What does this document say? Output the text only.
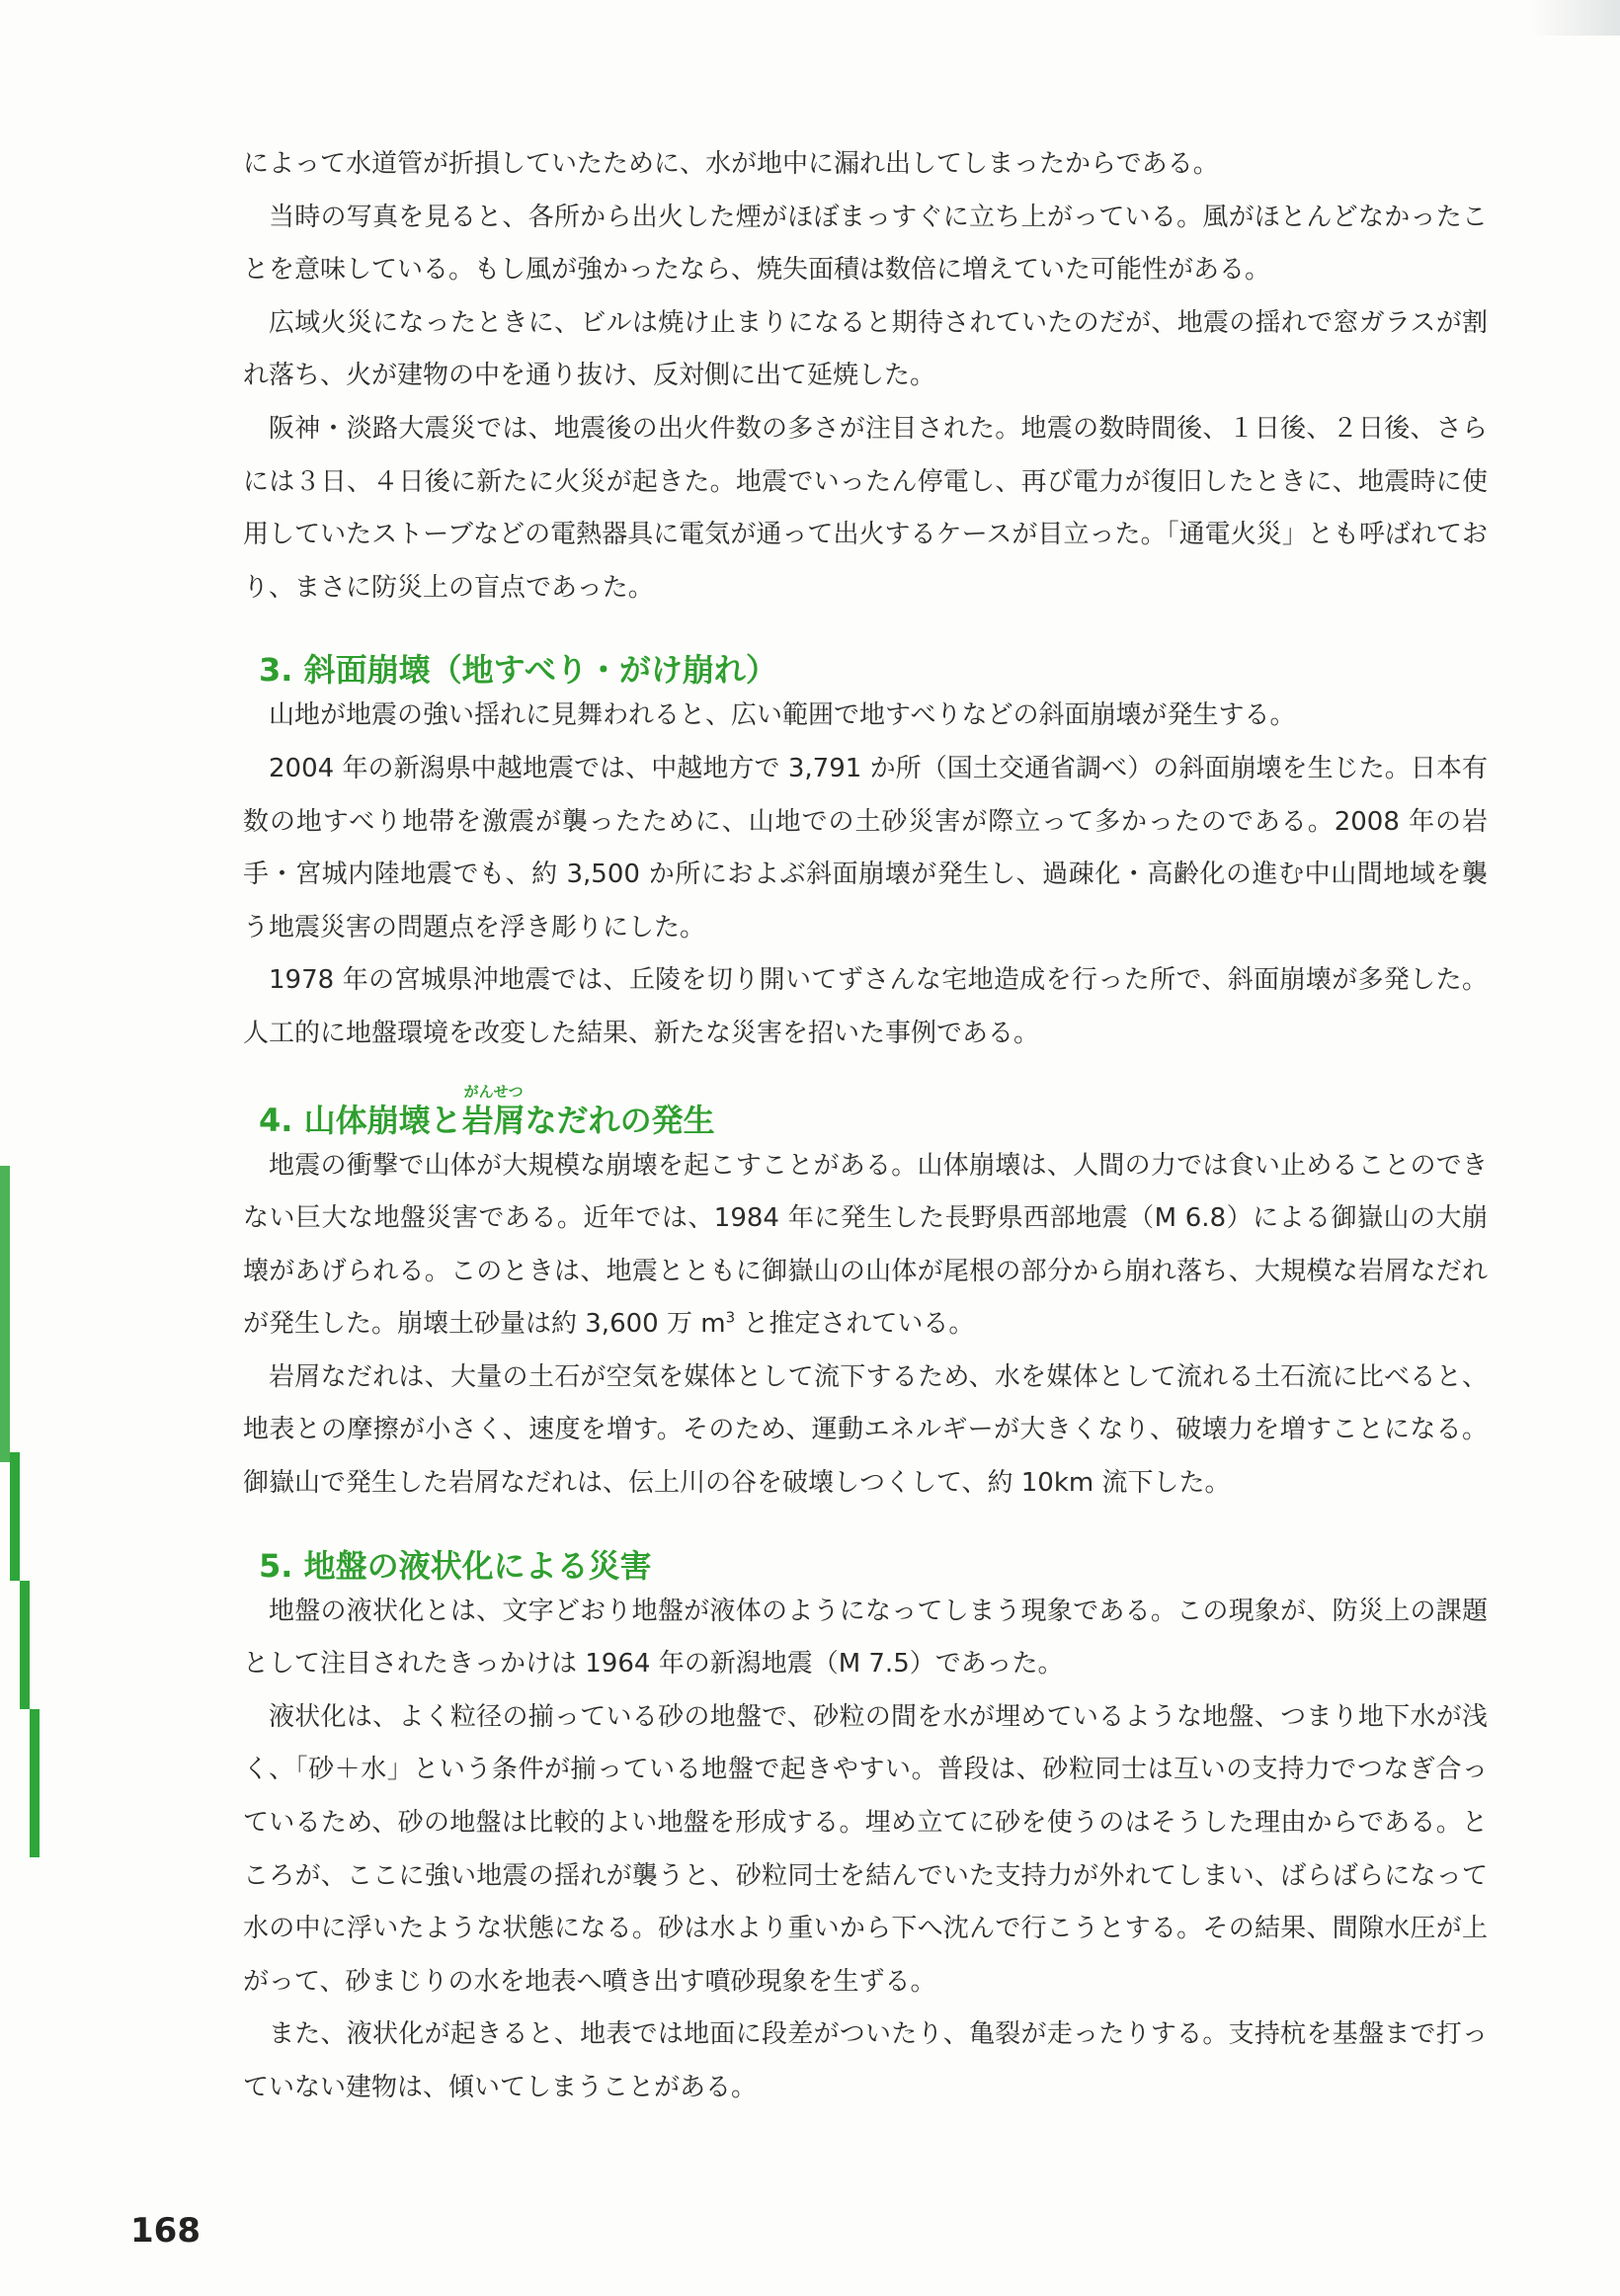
によって水道管が折損していたために、水が地中に漏れ出してしまったからである。

当時の写真を見ると、各所から出火した煙がほぼまっすぐに立ち上がっている。風がほとんどなかったことを意味している。もし風が強かったなら、焼失面積は数倍に増えていた可能性がある。

広域火災になったときに、ビルは焼け止まりになると期待されていたのだが、地震の揺れで窓ガラスが割れ落ち、火が建物の中を通り抜け、反対側に出て延焼した。

阪神・淡路大震災では、地震後の出火件数の多さが注目された。地震の数時間後、１日後、２日後、さらには３日、４日後に新たに火災が起きた。地震でいったん停電し、再び電力が復旧したときに、地震時に使用していたストーブなどの電熱器具に電気が通って出火するケースが目立った。「通電火災」とも呼ばれており、まさに防災上の盲点であった。

3. 斜面崩壊（地すべり・がけ崩れ）

山地が地震の強い揺れに見舞われると、広い範囲で地すべりなどの斜面崩壊が発生する。

2004 年の新潟県中越地震では、中越地方で 3,791 か所（国土交通省調べ）の斜面崩壊を生じた。日本有数の地すべり地帯を激震が襲ったために、山地での土砂災害が際立って多かったのである。2008 年の岩手・宮城内陸地震でも、約 3,500 か所におよぶ斜面崩壊が発生し、過疎化・高齢化の進む中山間地域を襲う地震災害の問題点を浮き彫りにした。

1978 年の宮城県沖地震では、丘陵を切り開いてずさんな宅地造成を行った所で、斜面崩壊が多発した。人工的に地盤環境を改変した結果、新たな災害を招いた事例である。

4. 山体崩壊と
がんせつ
岩屑なだれの発生

地震の衝撃で山体が大規模な崩壊を起こすことがある。山体崩壊は、人間の力では食い止めることのできない巨大な地盤災害である。近年では、1984 年に発生した長野県西部地震（M 6.8）による御嶽山の大崩壊があげられる。このときは、地震とともに御嶽山の山体が尾根の部分から崩れ落ち、大規模な岩屑なだれが発生した。崩壊土砂量は約 3,600 万 $m^3$ と推定されている。

岩屑なだれは、大量の土石が空気を媒体として流下するため、水を媒体として流れる土石流に比べると、地表との摩擦が小さく、速度を増す。そのため、運動エネルギーが大きくなり、破壊力を増すことになる。御嶽山で発生した岩屑なだれは、伝上川の谷を破壊しつくして、約 10km 流下した。

5. 地盤の液状化による災害

地盤の液状化とは、文字どおり地盤が液体のようになってしまう現象である。この現象が、防災上の課題として注目されたきっかけは 1964 年の新潟地震（M 7.5）であった。

液状化は、よく粒径の揃っている砂の地盤で、砂粒の間を水が埋めているような地盤、つまり地下水が浅く、「砂＋水」という条件が揃っている地盤で起きやすい。普段は、砂粒同士は互いの支持力でつなぎ合っているため、砂の地盤は比較的よい地盤を形成する。埋め立てに砂を使うのはそうした理由からである。ところが、ここに強い地震の揺れが襲うと、砂粒同士を結んでいた支持力が外れてしまい、ばらばらになって水の中に浮いたような状態になる。砂は水より重いから下へ沈んで行こうとする。その結果、間隙水圧が上がって、砂まじりの水を地表へ噴き出す噴砂現象を生ずる。

また、液状化が起きると、地表では地面に段差がついたり、亀裂が走ったりする。支持杭を基盤まで打っていない建物は、傾いてしまうことがある。

168
